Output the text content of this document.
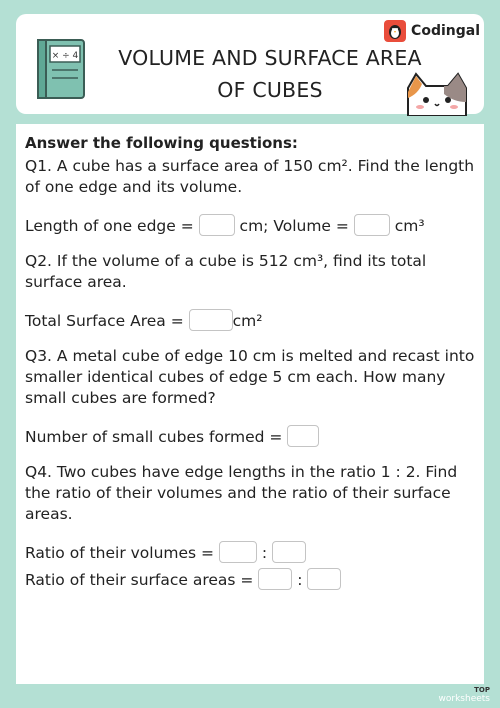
× ÷ 4	VOLUME AND SURFACE AREA
OF CUBES
Codingal
Answer the following questions:
Q1. A cube has a surface area of 150 cm². Find the length of one edge and its volume.
Length of one edge =  cm; Volume =  cm³
Q2. If the volume of a cube is 512 cm³, find its total surface area.
Total Surface Area =	cm²
Q3. A metal cube of edge 10 cm is melted and recast into smaller identical cubes of edge 5 cm each. How many small cubes are formed?
Number of small cubes formed =
Q4. Two cubes have edge lengths in the ratio 1 : 2. Find the ratio of their volumes and the ratio of their surface areas.
Ratio of their volumes =	:
Ratio of their surface areas =	:
TOP
worksheets
